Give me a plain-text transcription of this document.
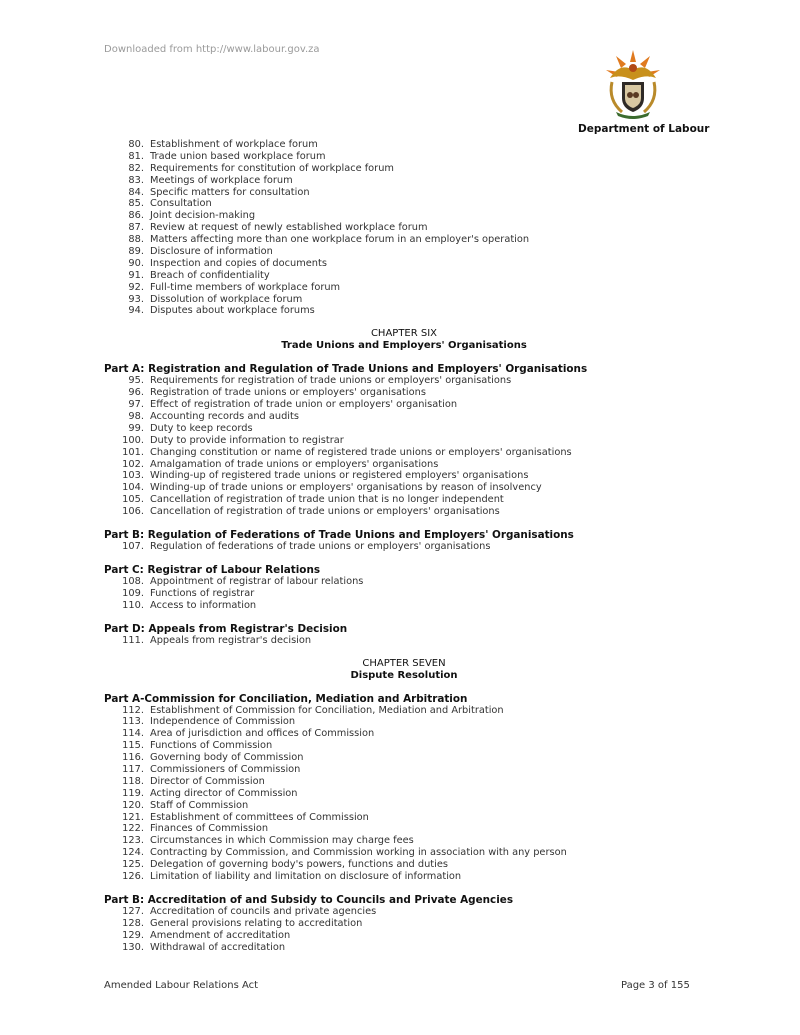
Downloaded from http://www.labour.gov.za
Department of Labour
80. Establishment of workplace forum
81. Trade union based workplace forum
82. Requirements for constitution of workplace forum
83. Meetings of workplace forum
84. Specific matters for consultation
85. Consultation
86. Joint decision-making
87. Review at request of newly established workplace forum
88. Matters affecting more than one workplace forum in an employer's operation
89. Disclosure of information
90. Inspection and copies of documents
91. Breach of confidentiality
92. Full-time members of workplace forum
93. Dissolution of workplace forum
94. Disputes about workplace forums
CHAPTER SIX
Trade Unions and Employers' Organisations
Part A: Registration and Regulation of Trade Unions and Employers' Organisations
95. Requirements for registration of trade unions or employers' organisations
96. Registration of trade unions or employers' organisations
97. Effect of registration of trade union or employers' organisation
98. Accounting records and audits
99. Duty to keep records
100. Duty to provide information to registrar
101. Changing constitution or name of registered trade unions or employers' organisations
102. Amalgamation of trade unions or employers' organisations
103. Winding-up of registered trade unions or registered employers' organisations
104. Winding-up of trade unions or employers' organisations by reason of insolvency
105. Cancellation of registration of trade union that is no longer independent
106. Cancellation of registration of trade unions or employers' organisations
Part B: Regulation of Federations of Trade Unions and Employers' Organisations
107. Regulation of federations of trade unions or employers' organisations
Part C: Registrar of Labour Relations
108. Appointment of registrar of labour relations
109. Functions of registrar
110. Access to information
Part D: Appeals from Registrar's Decision
111. Appeals from registrar's decision
CHAPTER SEVEN
Dispute Resolution
Part A-Commission for Conciliation, Mediation and Arbitration
112. Establishment of Commission for Conciliation, Mediation and Arbitration
113. Independence of Commission
114. Area of jurisdiction and offices of Commission
115. Functions of Commission
116. Governing body of Commission
117. Commissioners of Commission
118. Director of Commission
119. Acting director of Commission
120. Staff of Commission
121. Establishment of committees of Commission
122. Finances of Commission
123. Circumstances in which Commission may charge fees
124. Contracting by Commission, and Commission working in association with any person
125. Delegation of governing body's powers, functions and duties
126. Limitation of liability and limitation on disclosure of information
Part B: Accreditation of and Subsidy to Councils and Private Agencies
127. Accreditation of councils and private agencies
128. General provisions relating to accreditation
129. Amendment of accreditation
130. Withdrawal of accreditation
Amended Labour Relations Act	Page 3 of 155
